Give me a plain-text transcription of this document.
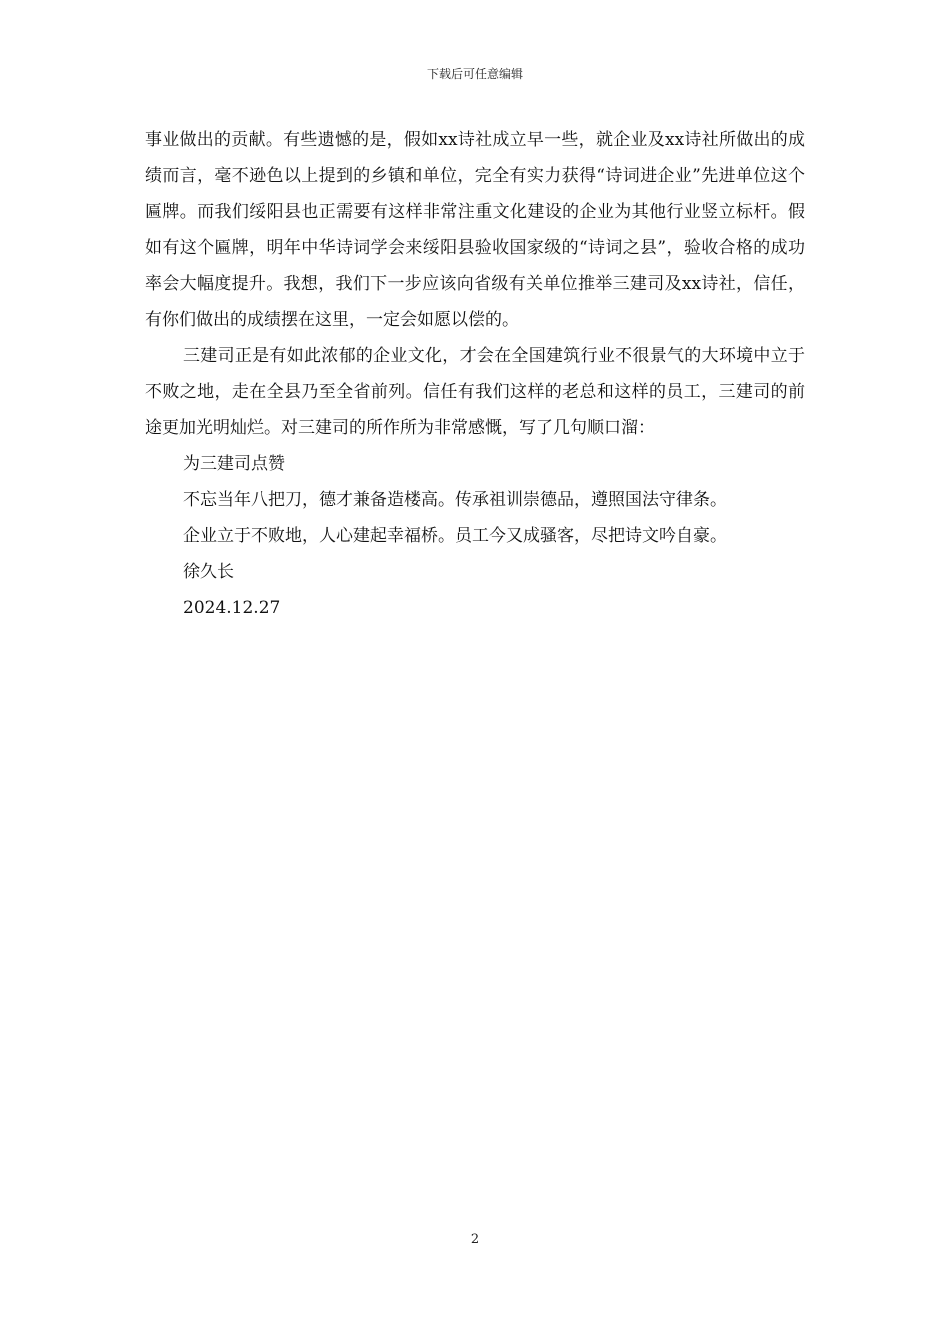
下载后可任意编辑

事业做出的贡献。有些遗憾的是，假如xx诗社成立早一些，就企业及xx诗社所做出的成绩而言，毫不逊色以上提到的乡镇和单位，完全有实力获得“诗词进企业”先进单位这个匾牌。而我们绥阳县也正需要有这样非常注重文化建设的企业为其他行业竖立标杆。假如有这个匾牌，明年中华诗词学会来绥阳县验收国家级的“诗词之县”，验收合格的成功率会大幅度提升。我想，我们下一步应该向省级有关单位推举三建司及xx诗社，信任，有你们做出的成绩摆在这里，一定会如愿以偿的。

三建司正是有如此浓郁的企业文化，才会在全国建筑行业不很景气的大环境中立于不败之地，走在全县乃至全省前列。信任有我们这样的老总和这样的员工，三建司的前途更加光明灿烂。对三建司的所作所为非常感慨，写了几句顺口溜：

为三建司点赞

不忘当年八把刀，德才兼备造楼高。传承祖训崇德品，遵照国法守律条。

企业立于不败地，人心建起幸福桥。员工今又成骚客，尽把诗文吟自豪。

徐久长

2024.12.27

2
